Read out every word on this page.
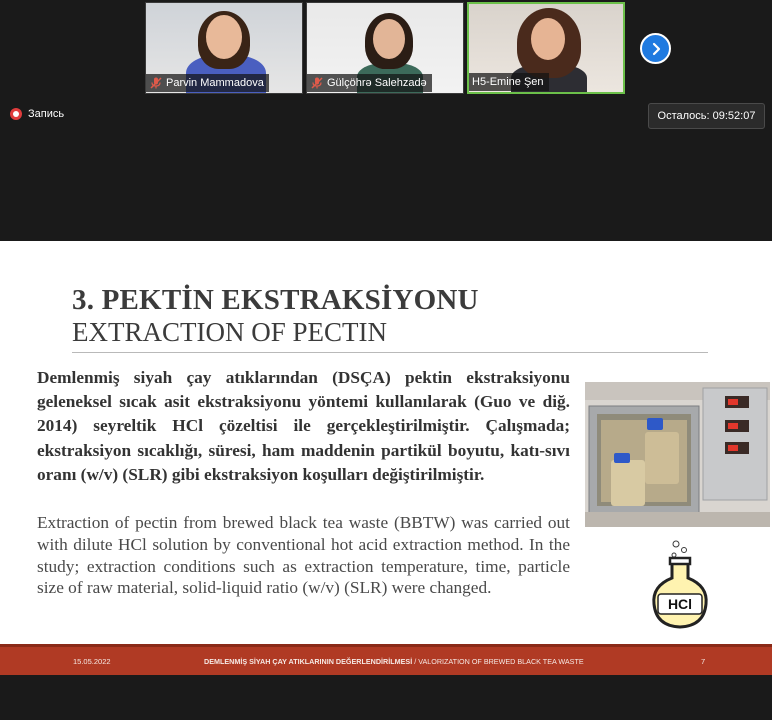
Parvin Mammadova	Gülçöhrə Salehzadə	H5-Emine Şen
Запись	Осталось: 09:52:07
3. PEKTİN EKSTRAKSİYONU
EXTRACTION OF PECTIN

Demlenmiş siyah çay atıklarından (DSÇA) pektin ekstraksiyonu geleneksel sıcak asit ekstraksiyonu yöntemi kullanılarak (Guo ve diğ. 2014) seyreltik HCl çözeltisi ile gerçekleştirilmiştir. Çalışmada; ekstraksiyon sıcaklığı, süresi, ham maddenin partikül boyutu, katı-sıvı oranı (w/v) (SLR) gibi ekstraksiyon koşulları değiştirilmiştir.

Extraction of pectin from brewed black tea waste (BBTW) was carried out with dilute HCl solution by conventional hot acid extraction method. In the study; extraction conditions such as extraction temperature, time, particle size of raw material, solid-liquid ratio (w/v) (SLR) were changed.

HCl
15.05.2022	DEMLENMİŞ SİYAH ÇAY ATIKLARININ DEĞERLENDİRİLMESİ / VALORIZATION OF BREWED BLACK TEA WASTE	7
